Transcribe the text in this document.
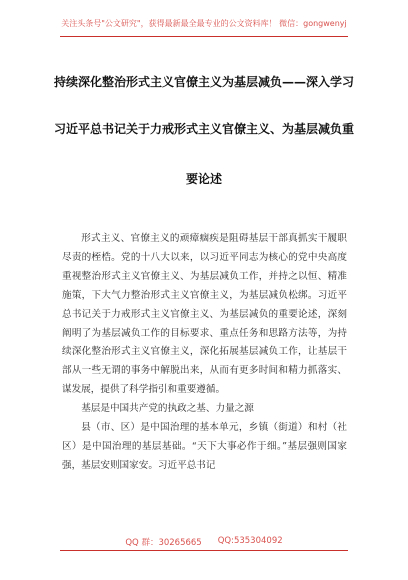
关注头条号"公文研究"，获得最新最全最专业的公文资料库！ 微信：gongwenyj
持续深化整治形式主义官僚主义为基层减负——深入学习
习近平总书记关于力戒形式主义官僚主义、为基层减负重
要论述

形式主义、官僚主义的顽瘴痼疾是阻碍基层干部真抓实干履职尽责的桎梏。党的十八大以来，以习近平同志为核心的党中央高度重视整治形式主义官僚主义、为基层减负工作，并持之以恒、精准施策，下大气力整治形式主义官僚主义，为基层减负松绑。习近平总书记关于力戒形式主义官僚主义、为基层减负的重要论述，深刻阐明了为基层减负工作的目标要求、重点任务和思路方法等，为持续深化整治形式主义官僚主义，深化拓展基层减负工作，让基层干部从一些无谓的事务中解脱出来，从而有更多时间和精力抓落实、谋发展，提供了科学指引和重要遵循。

基层是中国共产党的执政之基、力量之源

县（市、区）是中国治理的基本单元，乡镇（街道）和村（社区）是中国治理的基层基础。“天下大事必作于细。”基层强则国家强，基层安则国家安。习近平总书记

QQ 群：30265665 QQ:535304092
